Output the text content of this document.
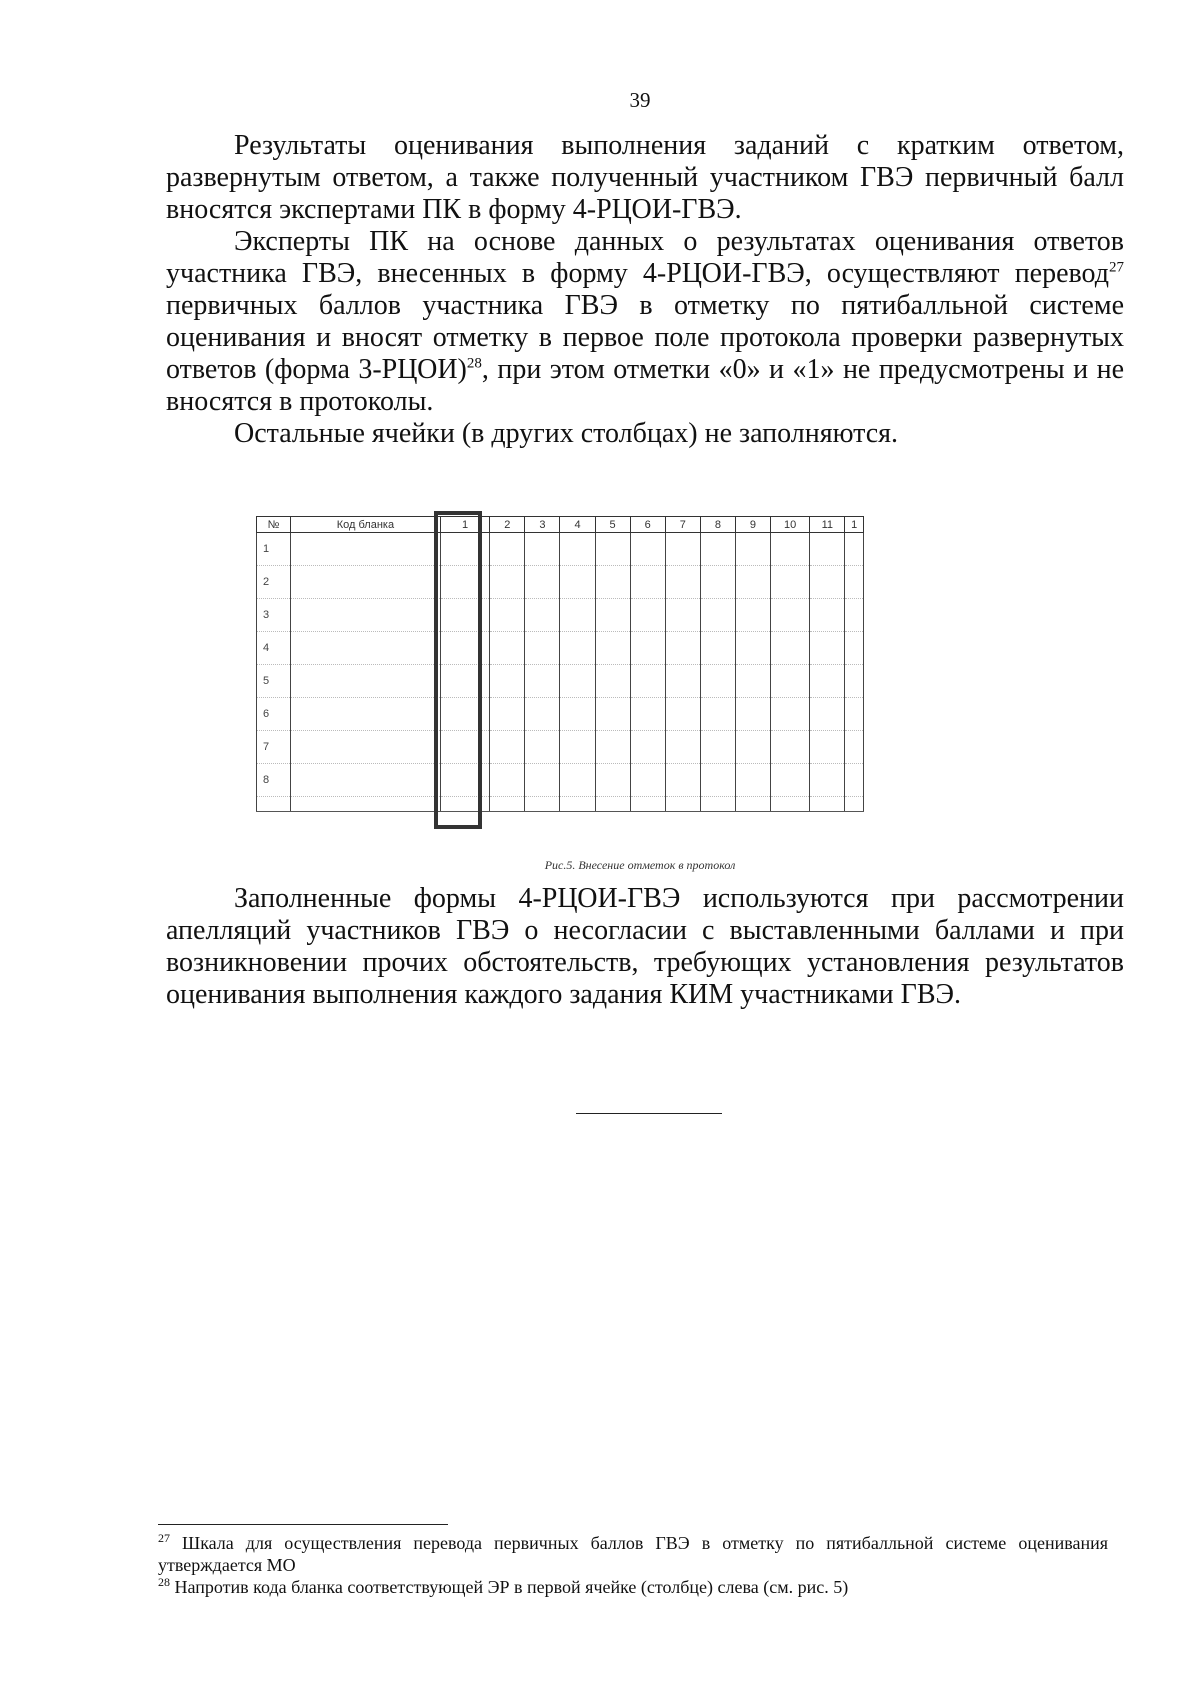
39

Результаты оценивания выполнения заданий с кратким ответом, развернутым ответом, а также полученный участником ГВЭ первичный балл вносятся экспертами ПК в форму 4-РЦОИ-ГВЭ.

Эксперты ПК на основе данных о результатах оценивания ответов участника ГВЭ, внесенных в форму 4-РЦОИ-ГВЭ, осуществляют перевод$^{27}$ первичных баллов участника ГВЭ в отметку по пятибалльной системе оценивания и вносят отметку в первое поле протокола проверки развернутых ответов (форма 3-РЦОИ)$^{28}$, при этом отметки «0» и «1» не предусмотрены и не вносятся в протоколы.

Остальные ячейки (в других столбцах) не заполняются.

№	Код бланка	1	2	3	4	5	6	7	8	9	10	11	1
1													
2													
3													
4													
5													
6													
7													
8													

Рис.5. Внесение отметок в протокол

Заполненные формы 4-РЦОИ-ГВЭ используются при рассмотрении апелляций участников ГВЭ о несогласии с выставленными баллами и при возникновении прочих обстоятельств, требующих установления результатов оценивания выполнения каждого задания КИМ участниками ГВЭ.

$^{27}$ Шкала для осуществления перевода первичных баллов ГВЭ в отметку по пятибалльной системе оценивания утверждается МО

$^{28}$ Напротив кода бланка соответствующей ЭР в первой ячейке (столбце) слева (см. рис. 5)
